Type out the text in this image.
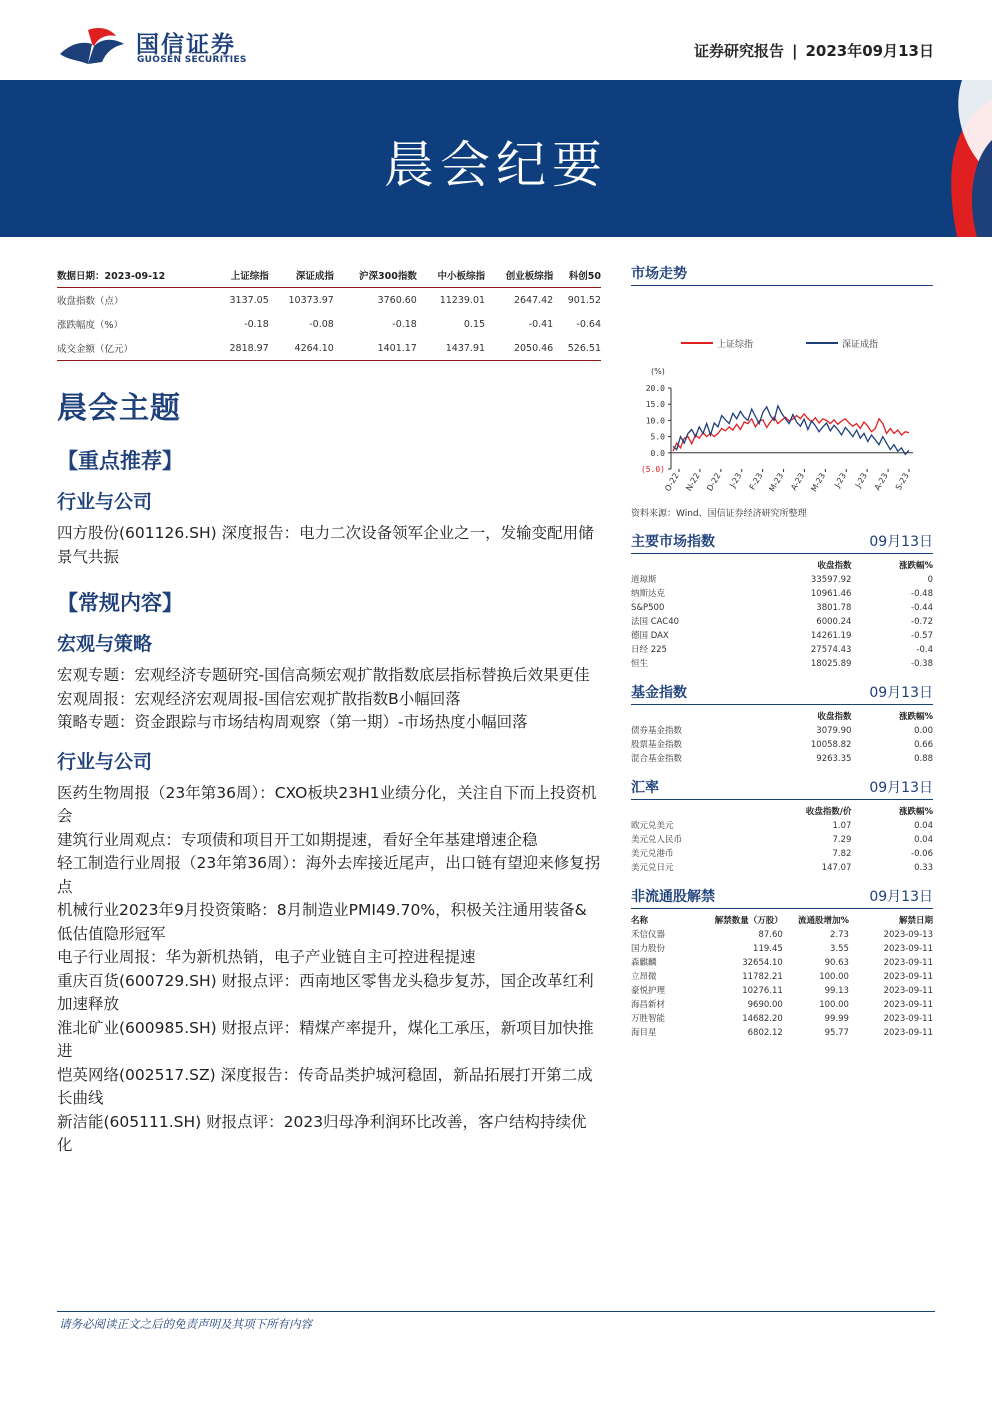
国信证券
GUOSEN SECURITIES	证券研究报告 | 2023年09月13日
晨会纪要
数据日期：2023-09-12	上证综指	深证成指	沪深300指数	中小板综指	创业板综指	科创50
收盘指数（点）	3137.05	10373.97	3760.60	11239.01	2647.42	901.52
涨跌幅度（%）	-0.18	-0.08	-0.18	0.15	-0.41	-0.64
成交金额（亿元）	2818.97	4264.10	1401.17	1437.91	2050.46	526.51
晨会主题
【重点推荐】
行业与公司
四方股份(601126.SH) 深度报告：电力二次设备领军企业之一，发输变配用储景气共振
【常规内容】
宏观与策略
宏观专题：宏观经济专题研究-国信高频宏观扩散指数底层指标替换后效果更佳
宏观周报：宏观经济宏观周报-国信宏观扩散指数B小幅回落
策略专题：资金跟踪与市场结构周观察（第一期）-市场热度小幅回落
行业与公司
医药生物周报（23年第36周）：CXO板块23H1业绩分化，关注自下而上投资机会
建筑行业周观点：专项债和项目开工如期提速，看好全年基建增速企稳
轻工制造行业周报（23年第36周）：海外去库接近尾声，出口链有望迎来修复拐点
机械行业2023年9月投资策略：8月制造业PMI49.70%，积极关注通用装备&低估值隐形冠军
电子行业周报：华为新机热销，电子产业链自主可控进程提速
重庆百货(600729.SH) 财报点评：西南地区零售龙头稳步复苏，国企改革红利加速释放
淮北矿业(600985.SH) 财报点评：精煤产率提升，煤化工承压，新项目加快推进
恺英网络(002517.SZ) 深度报告：传奇品类护城河稳固，新品拓展打开第二成长曲线
新洁能(605111.SH) 财报点评：2023归母净利润环比改善，客户结构持续优化
市场走势
上证综指	深证成指
(%)
20.0
15.0
10.0
5.0
0.0
(5.0)
O-22 N-22 D-22 J-23 F-23 M-23 A-23 M-23 J-23 J-23 A-23 S-23
资料来源：Wind、国信证券经济研究所整理
主要市场指数	09月13日
	收盘指数	涨跌幅%
道琼斯	33597.92	0
纳斯达克	10961.46	-0.48
S&P500	3801.78	-0.44
法国 CAC40	6000.24	-0.72
德国 DAX	14261.19	-0.57
日经 225	27574.43	-0.4
恒生	18025.89	-0.38
基金指数	09月13日
	收盘指数	涨跌幅%
债券基金指数	3079.90	0.00
股票基金指数	10058.82	0.66
混合基金指数	9263.35	0.88
汇率	09月13日
	收盘指数/价	涨跌幅%
欧元兑美元	1.07	0.04
美元兑人民币	7.29	0.04
美元兑港币	7.82	-0.06
美元兑日元	147.07	0.33
非流通股解禁	09月13日
名称	解禁数量（万股）	流通股增加%	解禁日期
禾信仪器	87.60	2.73	2023-09-13
国力股份	119.45	3.55	2023-09-11
森麒麟	32654.10	90.63	2023-09-11
立昂微	11782.21	100.00	2023-09-11
豪悦护理	10276.11	99.13	2023-09-11
海昌新材	9690.00	100.00	2023-09-11
万胜智能	14682.20	99.99	2023-09-11
海目星	6802.12	95.77	2023-09-11
请务必阅读正文之后的免责声明及其项下所有内容
